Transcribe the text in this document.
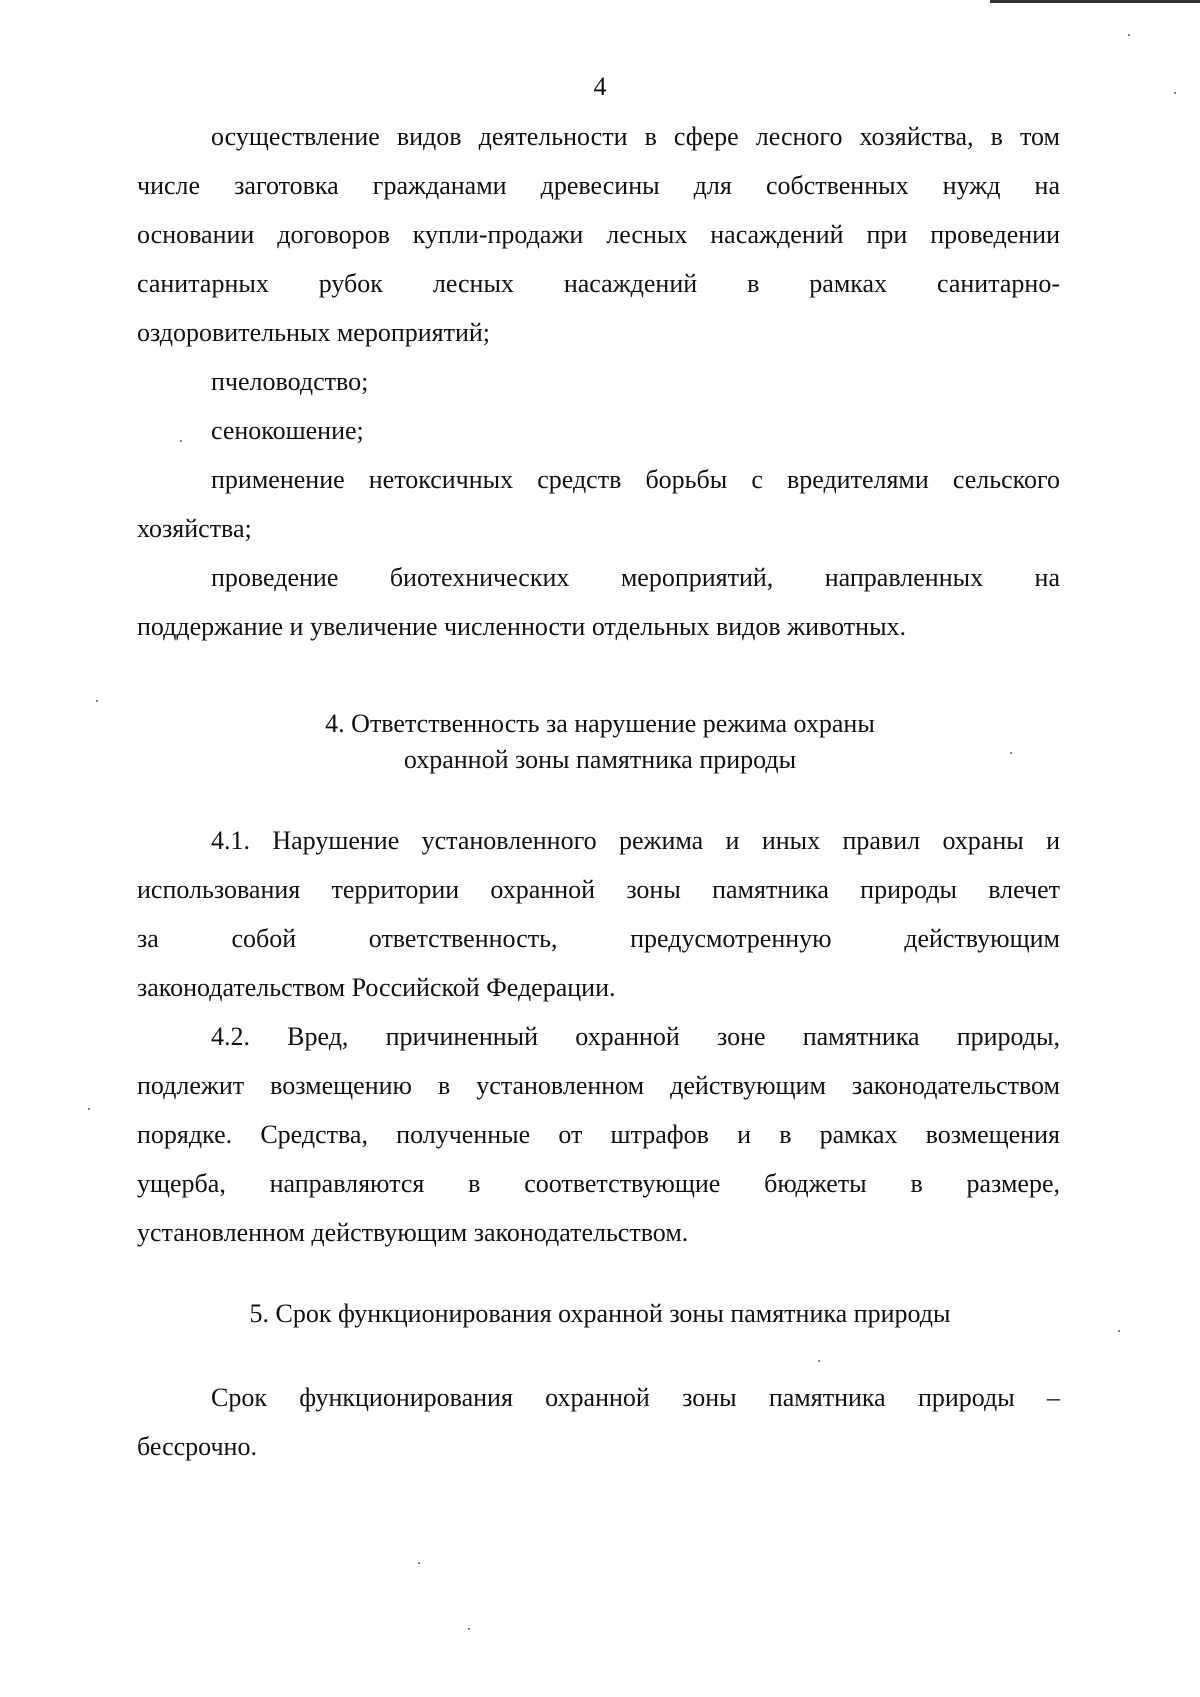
4
осуществление видов деятельности в сфере лесного хозяйства, в том
числе заготовка гражданами древесины для собственных нужд на
основании договоров купли-продажи лесных насаждений при проведении
санитарных рубок лесных насаждений в рамках санитарно-
оздоровительных мероприятий;
пчеловодство;
сенокошение;
применение нетоксичных средств борьбы с вредителями сельского
хозяйства;
проведение биотехнических мероприятий, направленных на
поддержание и увеличение численности отдельных видов животных.
4. Ответственность за нарушение режима охраны
охранной зоны памятника природы
4.1. Нарушение установленного режима и иных правил охраны и
использования территории охранной зоны памятника природы влечет
за собой ответственность, предусмотренную действующим
законодательством Российской Федерации.
4.2. Вред, причиненный охранной зоне памятника природы,
подлежит возмещению в установленном действующим законодательством
порядке. Средства, полученные от штрафов и в рамках возмещения
ущерба, направляются в соответствующие бюджеты в размере,
установленном действующим законодательством.
5. Срок функционирования охранной зоны памятника природы
Срок функционирования охранной зоны памятника природы –
бессрочно.
